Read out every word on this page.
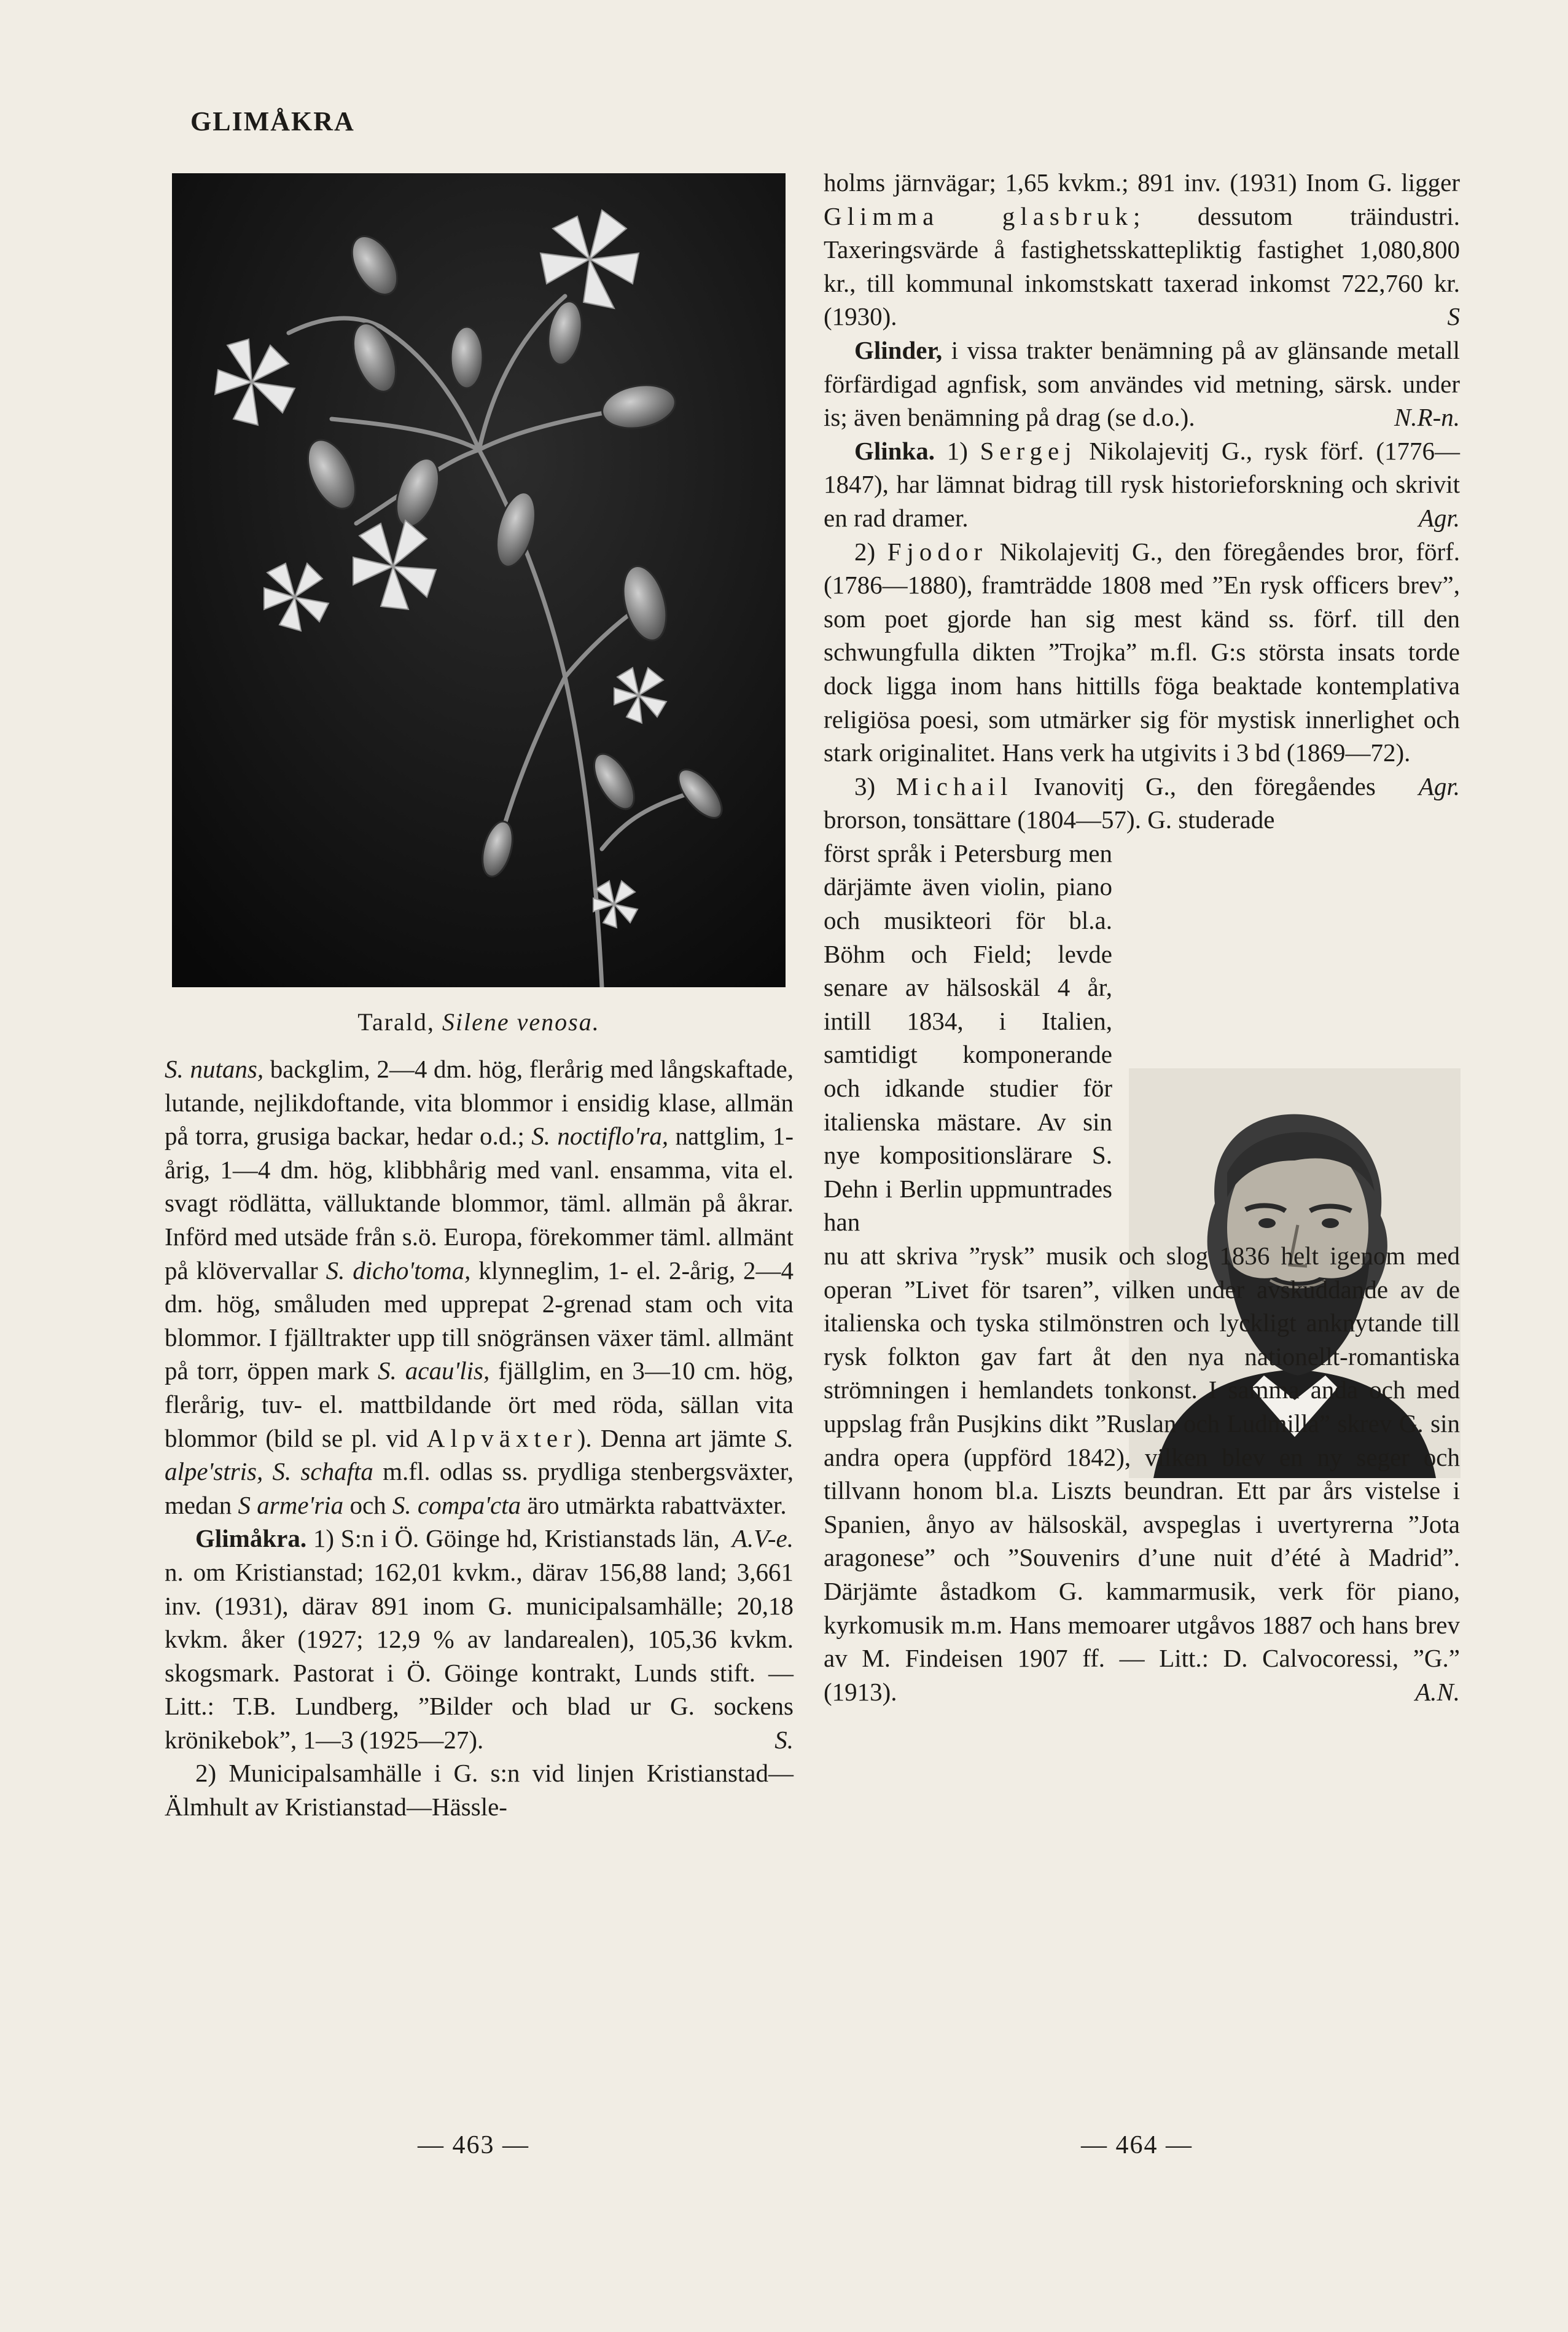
GLIMÅKRA
Tarald, Silene venosa.

S. nutans, backglim, 2—4 dm. hög, flerårig med långskaftade, lutande, nejlikdoftande, vita blommor i ensidig klase, allmän på torra, grusiga backar, hedar o.d.; S. noctiflo'ra, nattglim, 1-årig, 1—4 dm. hög, klibbhårig med vanl. ensamma, vita el. svagt rödlätta, välluktande blommor, täml. allmän på åkrar. Införd med utsäde från s.ö. Europa, förekommer täml. allmänt på klövervallar S. dicho'toma, klynneglim, 1- el. 2-årig, 2—4 dm. hög, småluden med upprepat 2-grenad stam och vita blommor. I fjälltrakter upp till snögränsen växer täml. allmänt på torr, öppen mark S. acau'lis, fjällglim, en 3—10 cm. hög, flerårig, tuv- el. mattbildande ört med röda, sällan vita blommor (bild se pl. vid Alpväxter). Denna art jämte S. alpe'stris, S. schafta m.fl. odlas ss. prydliga stenbergsväxter, medan S arme'ria och S. compa'cta äro utmärkta rabattväxter.
A.V-e.

Glimåkra. 1) S:n i Ö. Göinge hd, Kristianstads län, n. om Kristianstad; 162,01 kvkm., därav 156,88 land; 3,661 inv. (1931), därav 891 inom G. municipalsamhälle; 20,18 kvkm. åker (1927; 12,9 % av landarealen), 105,36 kvkm. skogsmark. Pastorat i Ö. Göinge kontrakt, Lunds stift. — Litt.: T.B. Lundberg, ”Bilder och blad ur G. sockens krönikebok”, 1—3 (1925—27).	S.

2) Municipalsamhälle i G. s:n vid linjen Kristianstad—Älmhult av Kristianstad—Hässle-

holms järnvägar; 1,65 kvkm.; 891 inv. (1931) Inom G. ligger Glimma glasbruk; dessutom träindustri. Taxeringsvärde å fastighetsskattepliktig fastighet 1,080,800 kr., till kommunal inkomstskatt taxerad inkomst 722,760 kr. (1930).	S

Glinder, i vissa trakter benämning på av glänsande metall förfärdigad agnfisk, som användes vid metning, särsk. under is; även benämning på drag (se d.o.).	N.R-n.

Glinka. 1) Sergej Nikolajevitj G., rysk förf. (1776—1847), har lämnat bidrag till rysk historieforskning och skrivit en rad dramer.	Agr.

2) Fjodor Nikolajevitj G., den föregåendes bror, förf. (1786—1880), framträdde 1808 med ”En rysk officers brev”, som poet gjorde han sig mest känd ss. förf. till den schwungfulla dikten ”Trojka” m.fl. G:s största insats torde dock ligga inom hans hittills föga beaktade kontemplativa religiösa poesi, som utmärker sig för mystisk innerlighet och stark originalitet. Hans verk ha utgivits i 3 bd (1869—72).
Agr.

3) Michail Ivanovitj G., den föregåendes brorson, tonsättare (1804—57). G. studerade

först språk i Petersburg men därjämte även violin, piano och musikteori för bl.a. Böhm och Field; levde senare av hälsoskäl 4 år, intill 1834, i Italien, samtidigt komponerande och idkande studier för italienska mästare. Av sin nye kompositionslärare S. Dehn i Berlin uppmuntrades han

nu att skriva ”rysk” musik och slog 1836 helt igenom med operan ”Livet för tsaren”, vilken under avskuddande av de italienska och tyska stilmönstren och lyckligt anknytande till rysk folkton gav fart åt den nya nationellt-romantiska strömningen i hemlandets tonkonst. I samma anda och med uppslag från Pusjkins dikt ”Ruslan och Ludmilla” skrev G. sin andra opera (uppförd 1842), vilken blev en ny seger och tillvann honom bl.a. Liszts beundran. Ett par års vistelse i Spanien, ånyo av hälsoskäl, avspeglas i uvertyrerna ”Jota aragonese” och ”Souvenirs d’une nuit d’été à Madrid”. Därjämte åstadkom G. kammarmusik, verk för piano, kyrkomusik m.m. Hans memoarer utgåvos 1887 och hans brev av M. Findeisen 1907 ff. — Litt.: D. Calvocoressi, ”G.” (1913).	A.N.

— 463 —	— 464 —
